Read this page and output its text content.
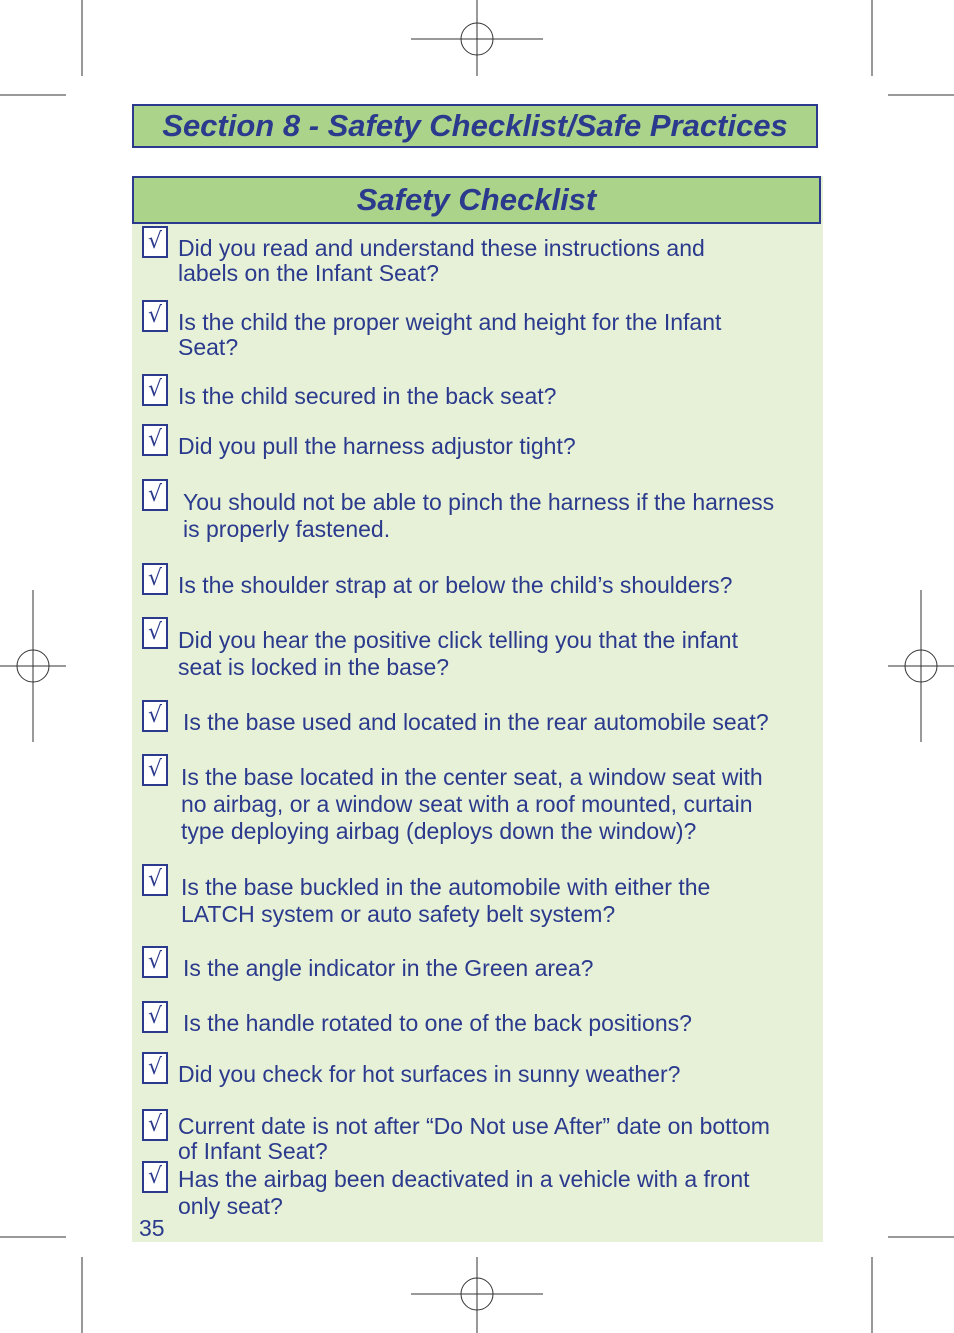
Section 8 - Safety Checklist/Safe Practices
Safety Checklist
√ Did you read and understand these instructions and
labels on the Infant Seat?
√ Is the child the proper weight and height for the Infant
Seat?
√ Is the child secured in the back seat?
√ Did you pull the harness adjustor tight?
√ You should not be able to pinch the harness if the harness
is properly fastened.
√ Is the shoulder strap at or below the child’s shoulders?
√ Did you hear the positive click telling you that the infant
seat is locked in the base?
√ Is the base used and located in the rear automobile seat?
√ Is the base located in the center seat, a window seat with
no airbag, or a window seat with a roof mounted, curtain
type deploying airbag (deploys down the window)?
√ Is the base buckled in the automobile with either the
LATCH system or auto safety belt system?
√ Is the angle indicator in the Green area?
√ Is the handle rotated to one of the back positions?
√ Did you check for hot surfaces in sunny weather?
√ Current date is not after “Do Not use After” date on bottom
of Infant Seat?
√ Has the airbag been deactivated in a vehicle with a front
only seat?
35
